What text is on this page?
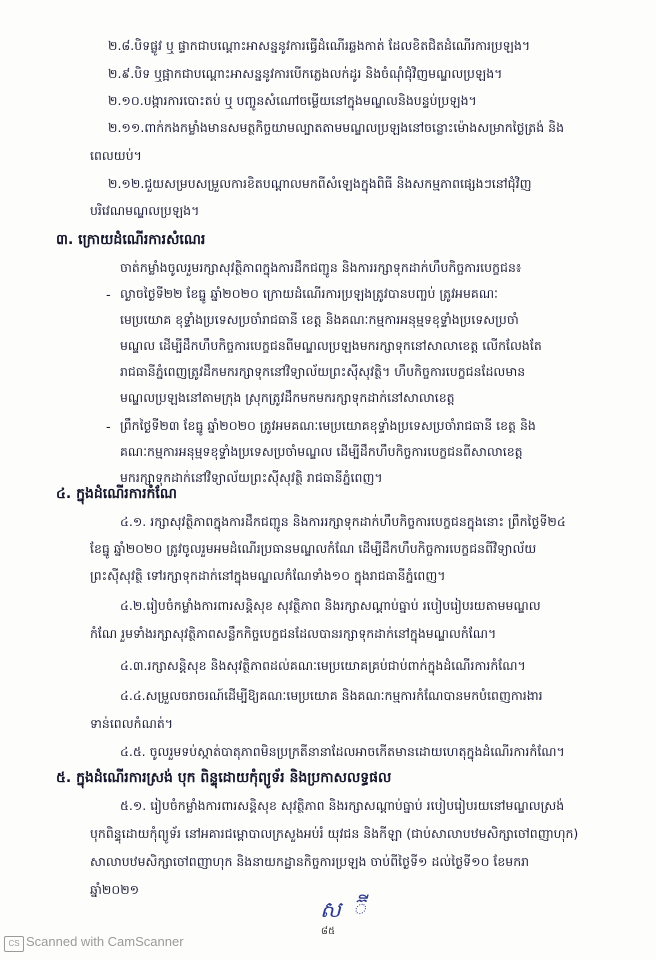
២.៨.បិទផ្លូវ ឬ ផ្ទាកជាបណ្តោះអាសន្ននូវការធ្វើដំណើរឆ្លងកាត់ ដែលខិតជិតដំណើរការប្រឡង។
២.៩.បិទ ឬផ្អាកជាបណ្តោះអាសន្ននូវការបើកភ្លេងលក់ដូរ និងចំណុំជុំវិញមណ្ឌលប្រឡង។
២.១០.បង្ការការបោះតប់ ឬ បញ្ចូនសំណៅចម្លើយនៅក្នុងមណ្ឌលនិងបន្ទប់ប្រឡង។
២.១១.ពាក់កងកម្លាំងមានសមត្ថកិច្ចយាមល្បាតតាមមណ្ឌលប្រឡងនៅចន្លោះម៉ោងសម្រាកថ្ងៃត្រង់ និង
ពេលយប់។
២.១២.ជួយសម្របសម្រួលការខិតបណ្តាលមកពីសំឡេងក្នុងពិធី និងសកម្មភាពផ្សេងៗនៅជុំវិញ
បរិវេណមណ្ឌលប្រឡង។
៣. ក្រោយដំណើរការសំណេរ
ចាត់កម្លាំងចូលរួមរក្សាសុវត្ថិភាពក្នុងការដឹកជញ្ជូន និងការរក្សាទុកដាក់ហឹបកិច្ចការបេក្ខជន៖
- ល្ងាចថ្ងៃទី២២ ខែធ្នូ ឆ្នាំ២០២០ ក្រោយដំណើរការប្រឡងត្រូវបានបញ្ចប់ ត្រូវអមគណៈ
មេប្រយោគ ខុទ្ទាំងប្រទេសប្រចាំរាជធានី ខេត្ត និងគណៈកម្មការអនុម្មទខុទ្ទាំងប្រទេសប្រចាំ
មណ្ឌល ដើម្បីដឹកហឹបកិច្ចការបេក្ខជនពីមណ្ឌលប្រឡងមករក្សាទុកនៅសាលាខេត្ត លើកលែងតែ
រាជធានីភ្នំពេញត្រូវដឹកមករក្សាទុកនៅវិទ្យាល័យព្រះស៊ីសុវត្ថិ។ ហឹបកិច្ចការបេក្ខជនដែលមាន
មណ្ឌលប្រឡងនៅតាមក្រុង ស្រុកត្រូវដឹកមកមករក្សាទុកដាក់នៅសាលាខេត្ត
- ព្រឹកថ្ងៃទី២៣ ខែធ្នូ ឆ្នាំ២០២០ ត្រូវអមគណៈមេប្រយោគខុទ្ទាំងប្រទេសប្រចាំរាជធានី ខេត្ត និង
គណៈកម្មការអនុម្មទខុទ្ទាំងប្រទេសប្រចាំមណ្ឌល ដើម្បីដឹកហឹបកិច្ចការបេក្ខជនពីសាលាខេត្ត
មករក្សាទុកដាក់នៅវិទ្យាល័យព្រះស៊ីសុវត្ថិ រាជធានីភ្នំពេញ។
៤. ក្នុងដំណើរការកំណែ
៤.១. រក្សាសុវត្ថិភាពក្នុងការដឹកជញ្ជូន និងការរក្សាទុកដាក់ហឹបកិច្ចការបេក្ខជនក្នុងនោះ ព្រឹកថ្ងៃទី២៤
ខែធ្នូ ឆ្នាំ២០២០ ត្រូវចូលរួមអមដំណើរប្រធានមណ្ឌលកំណែ ដើម្បីដឹកហឹបកិច្ចការបេក្ខជនពីវិទ្យាល័យ
ព្រះស៊ីសុវត្ថិ ទៅរក្សាទុកដាក់នៅក្នុងមណ្ឌលកំណែទាំង១០ ក្នុងរាជធានីភ្នំពេញ។
៤.២.រៀបចំកម្លាំងការពារសន្តិសុខ សុវត្ថិភាព និងរក្សាសណ្តាប់ធ្នាប់ របៀបរៀបរយតាមមណ្ឌល
កំណែ រួមទាំងរក្សាសុវត្ថិភាពសន្លឹកកិច្ចបេក្ខជនដែលបានរក្សាទុកដាក់នៅក្នុងមណ្ឌលកំណែ។
៤.៣.រក្សាសន្តិសុខ និងសុវត្ថិភាពដល់គណៈមេប្រយោគគ្រប់ជាប់ពាក់ក្នុងដំណើរការកំណែ។
៤.៤.សម្រួលចរាចរណ៍ដើម្បីឱ្យគណៈមេប្រយោគ និងគណៈកម្មការកំណែបានមកបំពេញការងារ
ទាន់ពេលកំណត់។
៤.៥. ចូលរួមទប់ស្កាត់បាតុភាពមិនប្រក្រតីនានាដែលអាចកើតមានដោយហេតុក្នុងដំណើរការកំណែ។
៥. ក្នុងដំណើរការស្រង់ បុក ពិន្ទុដោយកុំព្យូទ័រ និងប្រកាសលទ្ធផល
៥.១. រៀបចំកម្លាំងការពារសន្តិសុខ សុវត្ថិភាព និងរក្សាសណ្តាប់ធ្នាប់ របៀបរៀបរយនៅមណ្ឌលស្រង់
បុកពិន្ទុដោយកុំព្យូទ័រ នៅអគារជម្ពោបាលក្រសួងអប់រំ យុវជន និងកីឡា (ជាប់សាលាបឋមសិក្សាចៅពញាហុក)
សាលាបឋមសិក្សាចៅពញាហុក និងនាយកដ្ឋានកិច្ចការប្រឡង ចាប់ពីថ្ងៃទី១ ដល់ថ្ងៃទី១០ ខែមករា
ឆ្នាំ២០២១
ស ៊ី
៨៥
CS Scanned with CamScanner
